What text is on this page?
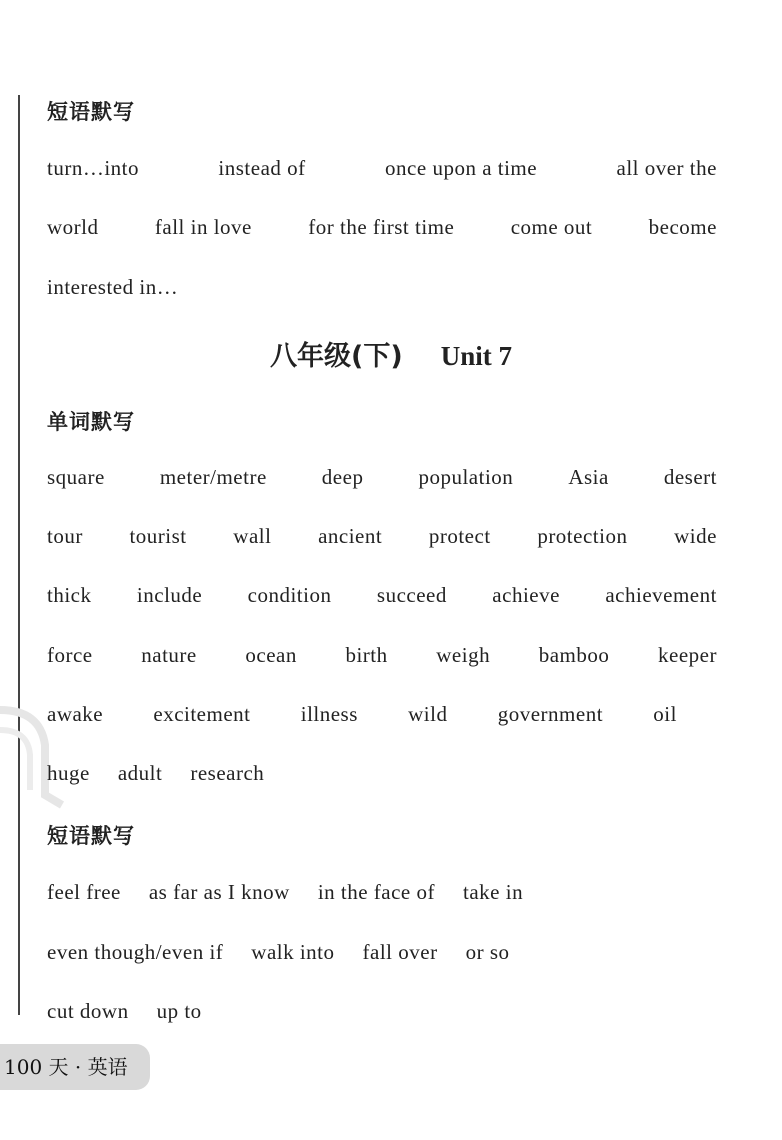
短语默写
turn…into	instead of	once upon a time	all over the
world	fall in love	for the first time	come out	become
interested in…
八年级(下) Unit 7
单词默写
square	meter/metre	deep	population	Asia	desert
tour tourist wall ancient protect protection wide
thick include condition succeed achieve achievement
force nature ocean birth weigh bamboo keeper
awake excitement illness wild government oil
huge adult research
短语默写
feel free as far as I know in the face of take in
even though/even if walk into fall over or so
cut down up to
100 天 · 英语
